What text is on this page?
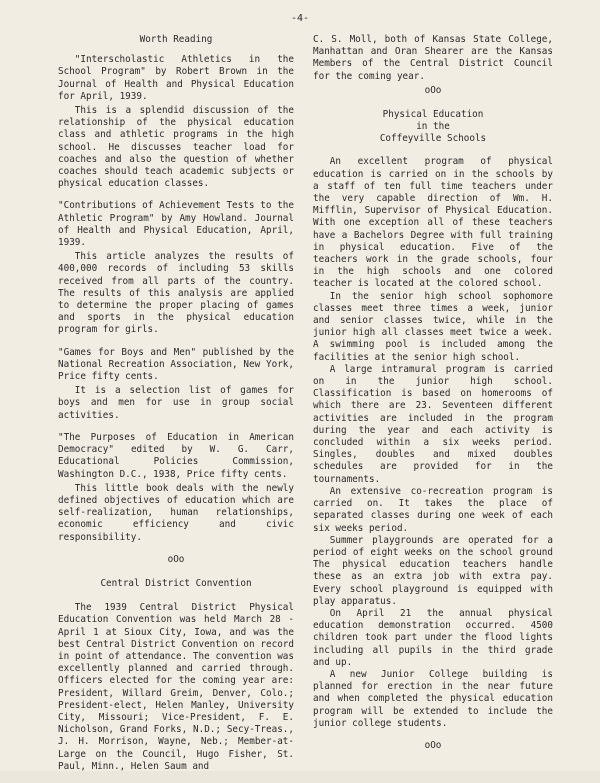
-4-
Worth Reading

"Interscholastic Athletics in the School Program" by Robert Brown in the Journal of Health and Physical Education for April, 1939.

This is a splendid discussion of the relationship of the physical education class and athletic programs in the high school. He discusses teacher load for coaches and also the question of whether coaches should teach academic subjects or physical education classes.

"Contributions of Achievement Tests to the Athletic Program" by Amy Howland. Journal of Health and Physical Education, April, 1939.

This article analyzes the results of 400,000 records of including 53 skills received from all parts of the country. The results of this analysis are applied to determine the proper placing of games and sports in the physical education program for girls.

"Games for Boys and Men" published by the National Recreation Association, New York, Price fifty cents.

It is a selection list of games for boys and men for use in group social activities.

"The Purposes of Education in American Democracy" edited by W. G. Carr, Educational Policies Commission, Washington D.C., 1938, Price fifty cents.

This little book deals with the newly defined objectives of education which are self-realization, human relationships, economic efficiency and civic responsibility.

oOo
Central District Convention

The 1939 Central District Physical Education Convention was held March 28 - April 1 at Sioux City, Iowa, and was the best Central District Convention on record in point of attendance. The convention was excellently planned and carried through. Officers elected for the coming year are: President, Willard Greim, Denver, Colo.; President-elect, Helen Manley, University City, Missouri; Vice-President, F. E. Nicholson, Grand Forks, N.D.; Secy-Treas., J. H. Morrison, Wayne, Neb.; Member-at-Large on the Council, Hugo Fisher, St. Paul, Minn., Helen Saum and

C. S. Moll, both of Kansas State College, Manhattan and Oran Shearer are the Kansas Members of the Central District Council for the coming year.

oOo
Physical Education
in the
Coffeyville Schools

An excellent program of physical education is carried on in the schools by a staff of ten full time teachers under the very capable direction of Wm. H. Mifflin, Supervisor of Physical Education. With one exception all of these teachers have a Bachelors Degree with full training in physical education. Five of the teachers work in the grade schools, four in the high schools and one colored teacher is located at the colored school.

In the senior high school sophomore classes meet three times a week, junior and senior classes twice, while in the junior high all classes meet twice a week. A swimming pool is included among the facilities at the senior high school.

A large intramural program is carried on in the junior high school. Classification is based on homerooms of which there are 23. Seventeen different activities are included in the program during the year and each activity is concluded within a six weeks period. Singles, doubles and mixed doubles schedules are provided for in the tournaments.

An extensive co-recreation program is carried on. It takes the place of separated classes during one week of each six weeks period.

Summer playgrounds are operated for a period of eight weeks on the school ground The physical education teachers handle these as an extra job with extra pay. Every school playground is equipped with play apparatus.

On April 21 the annual physical education demonstration occurred. 4500 children took part under the flood lights including all pupils in the third grade and up.

A new Junior College building is planned for erection in the near future and when completed the physical education program will be extended to include the junior college students.

oOo
